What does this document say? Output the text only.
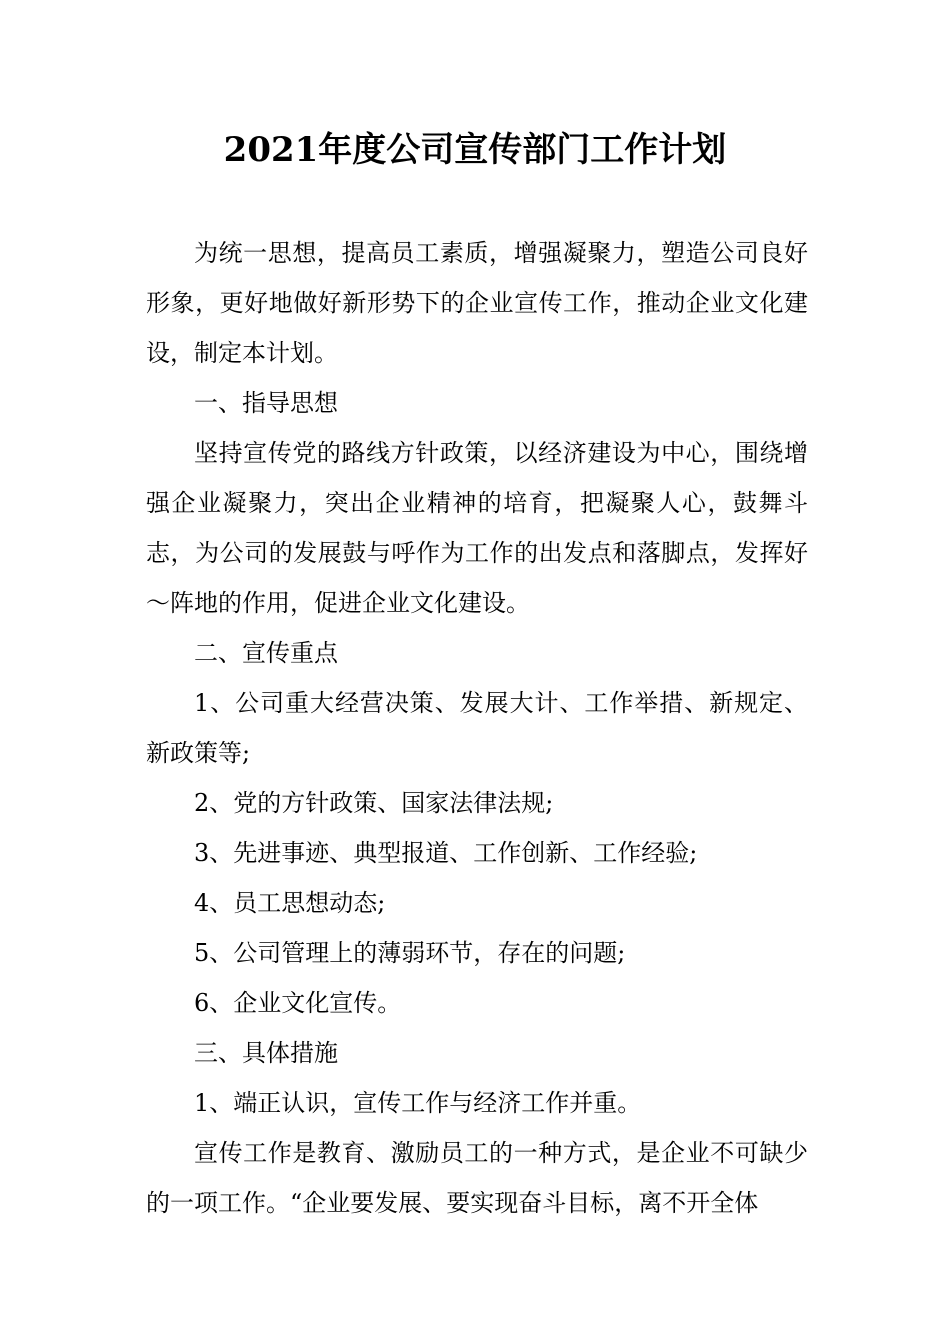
2021年度公司宣传部门工作计划

为统一思想，提高员工素质，增强凝聚力，塑造公司良好形象，更好地做好新形势下的企业宣传工作，推动企业文化建设，制定本计划。

一、指导思想

坚持宣传党的路线方针政策，以经济建设为中心，围绕增强企业凝聚力，突出企业精神的培育，把凝聚人心，鼓舞斗志，为公司的发展鼓与呼作为工作的出发点和落脚点，发挥好～阵地的作用，促进企业文化建设。

二、宣传重点

1、公司重大经营决策、发展大计、工作举措、新规定、新政策等;

2、党的方针政策、国家法律法规;

3、先进事迹、典型报道、工作创新、工作经验;

4、员工思想动态;

5、公司管理上的薄弱环节，存在的问题;

6、企业文化宣传。

三、具体措施

1、端正认识，宣传工作与经济工作并重。

宣传工作是教育、激励员工的一种方式，是企业不可缺少的一项工作。“企业要发展、要实现奋斗目标，离不开全体
